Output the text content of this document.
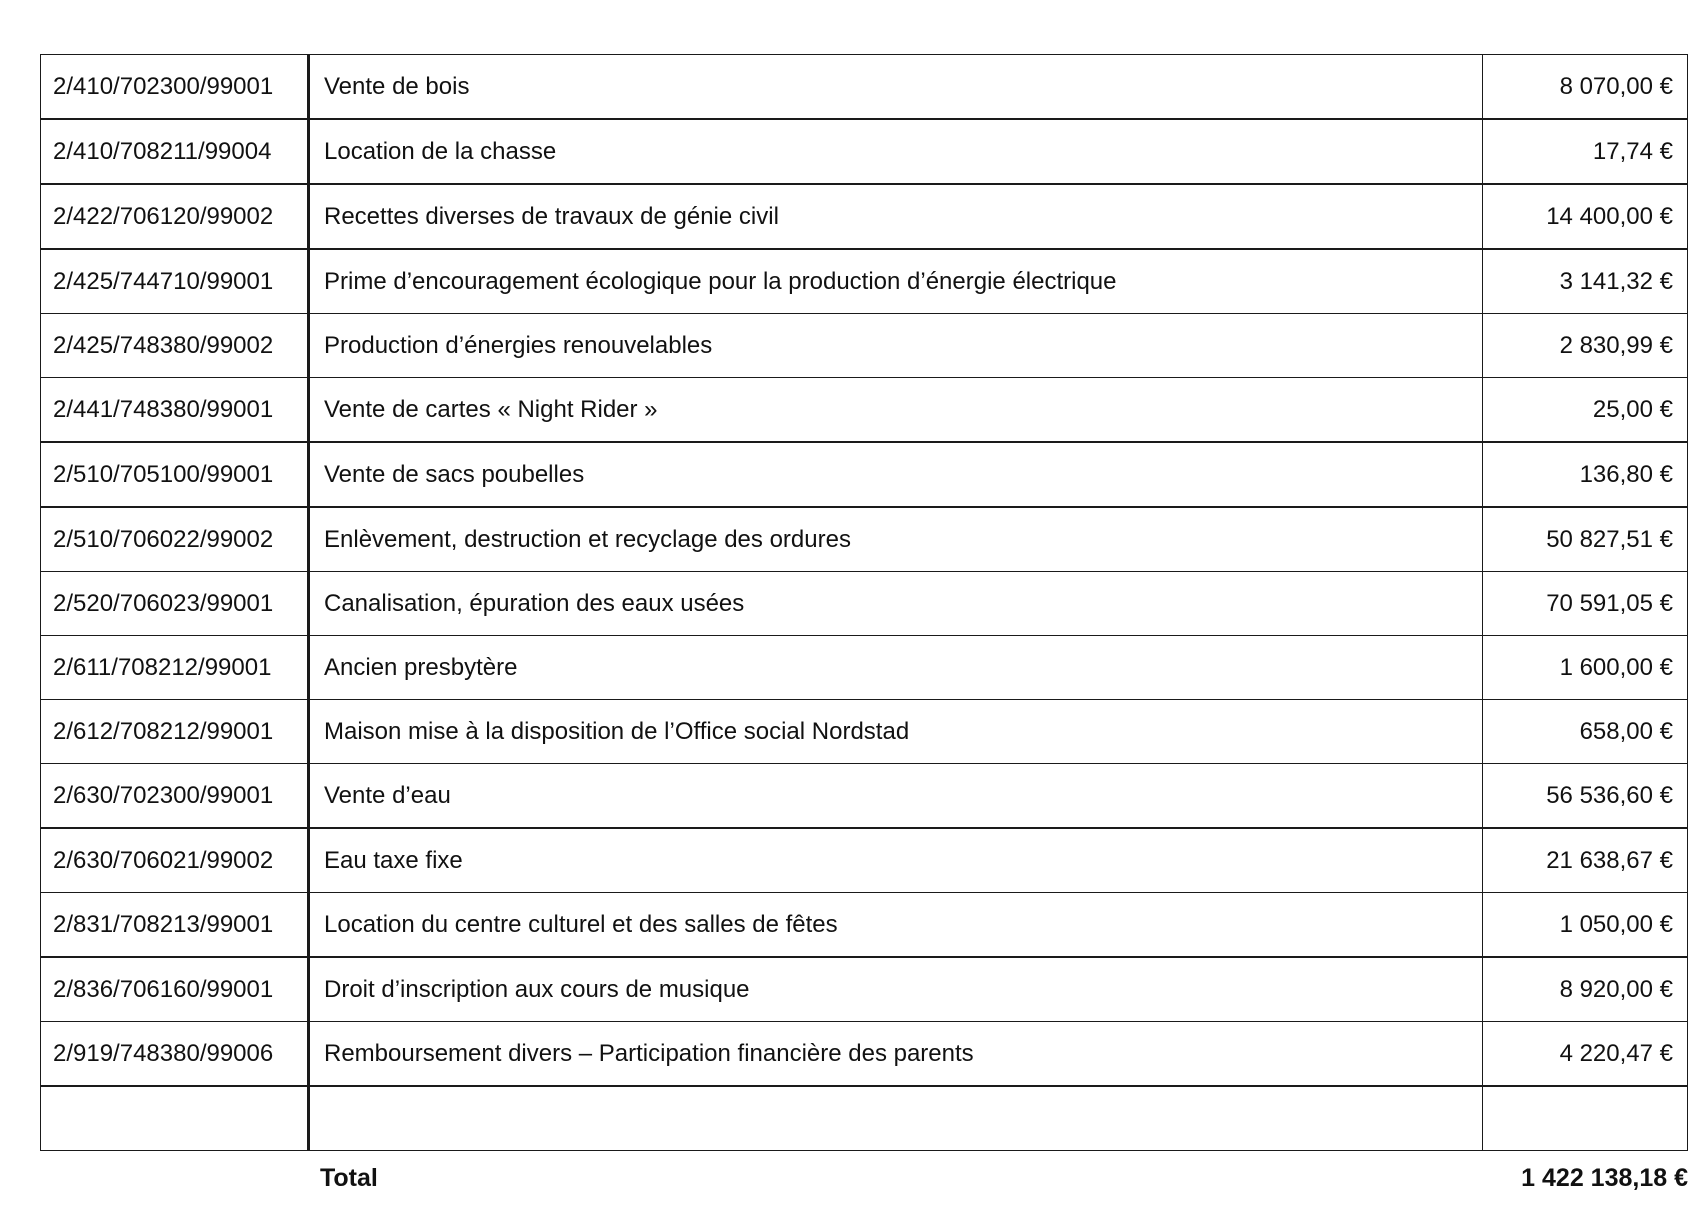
2/410/702300/99001	Vente de bois	8 070,00 €
2/410/708211/99004	Location de la chasse	17,74 €
2/422/706120/99002	Recettes diverses de travaux de génie civil	14 400,00 €
2/425/744710/99001	Prime d’encouragement écologique pour la production d’énergie électrique	3 141,32 €
2/425/748380/99002	Production d’énergies renouvelables	2 830,99 €
2/441/748380/99001	Vente de cartes « Night Rider »	25,00 €
2/510/705100/99001	Vente de sacs poubelles	136,80 €
2/510/706022/99002	Enlèvement, destruction et recyclage des ordures	50 827,51 €
2/520/706023/99001	Canalisation, épuration des eaux usées	70 591,05 €
2/611/708212/99001	Ancien presbytère	1 600,00 €
2/612/708212/99001	Maison mise à la disposition de l’Office social Nordstad	658,00 €
2/630/702300/99001	Vente d’eau	56 536,60 €
2/630/706021/99002	Eau taxe fixe	21 638,67 €
2/831/708213/99001	Location du centre culturel et des salles de fêtes	1 050,00 €
2/836/706160/99001	Droit d’inscription aux cours de musique	8 920,00 €
2/919/748380/99006	Remboursement divers – Participation financière des parents	4 220,47 €

Total	1 422 138,18 €
